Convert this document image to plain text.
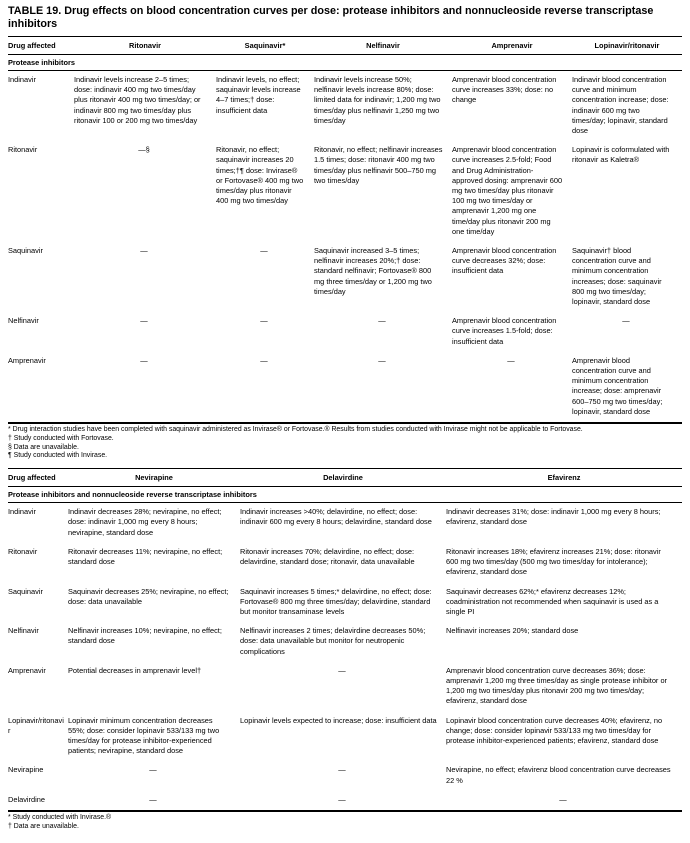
TABLE 19. Drug effects on blood concentration curves per dose: protease inhibitors and nonnucleoside reverse transcriptase inhibitors
Drug affected	Ritonavir	Saquinavir*	Nelfinavir	Amprenavir	Lopinavir/ritonavir
Protease inhibitors					
Indinavir	Indinavir levels increase 2–5 times; dose: indinavir 400 mg two times/day plus ritonavir 400 mg two times/day; or indinavir 800 mg two times/day plus ritonavir 100 or 200 mg two times/day	Indinavir levels, no effect; saquinavir levels increase 4–7 times;† dose: insufficient data	Indinavir levels increase 50%; nelfinavir levels increase 80%; dose: limited data for indinavir; 1,200 mg two times/day plus nelfinavir 1,250 mg two times/day	Amprenavir blood concentration curve increases 33%; dose: no change	Indinavir blood concentration curve and minimum concentration increase; dose: indinavir 600 mg two times/day; lopinavir, standard dose
Ritonavir	—§	Ritonavir, no effect; saquinavir increases 20 times;†¶ dose: Invirase® or Fortovase® 400 mg two times/day plus ritonavir 400 mg two times/day	Ritonavir, no effect; nelfinavir increases 1.5 times; dose: ritonavir 400 mg two times/day plus nelfinavir 500–750 mg two times/day	Amprenavir blood concentration curve increases 2.5-fold; Food and Drug Administration-approved dosing: amprenavir 600 mg two times/day plus ritonavir 100 mg two times/day or amprenavir 1,200 mg one time/day plus ritonavir 200 mg one time/day	Lopinavir is coformulated with ritonavir as Kaletra®
Saquinavir	—	—	Saquinavir increased 3–5 times; nelfinavir increases 20%;† dose: standard nelfinavir; Fortovase® 800 mg three times/day or 1,200 mg two times/day	Amprenavir blood concentration curve decreases 32%; dose: insufficient data	Saquinavir† blood concentration curve and minimum concentration increases; dose: saquinavir 800 mg two times/day; lopinavir, standard dose
Nelfinavir	—	—	—	Amprenavir blood concentration curve increases 1.5-fold; dose: insufficient data	—
Amprenavir	—	—	—	—	Amprenavir blood concentration curve and minimum concentration increase; dose: amprenavir 600–750 mg two times/day; lopinavir, standard dose
* Drug interaction studies have been completed with saquinavir administered as Invirase® or Fortovase.® Results from studies conducted with Invirase might not be applicable to Fortovase.
† Study conducted with Fortovase.
§ Data are unavailable.
¶ Study conducted with Invirase.
Drug affected	Nevirapine	Delavirdine	Efavirenz
Protease inhibitors and nonnucleoside reverse transcriptase inhibitors			
Indinavir	Indinavir decreases 28%; nevirapine, no effect; dose: indinavir 1,000 mg every 8 hours; nevirapine, standard dose	Indinavir increases >40%; delavirdine, no effect; dose: indinavir 600 mg every 8 hours; delavirdine, standard dose	Indinavir decreases 31%; dose: indinavir 1,000 mg every 8 hours; efavirenz, standard dose
Ritonavir	Ritonavir decreases 11%; nevirapine, no effect; standard dose	Ritonavir increases 70%; delavirdine, no effect; dose: delavirdine, standard dose; ritonavir, data unavailable	Ritonavir increases 18%; efavirenz increases 21%; dose: ritonavir 600 mg two times/day (500 mg two times/day for intolerance); efavirenz, standard dose
Saquinavir	Saquinavir decreases 25%; nevirapine, no effect; dose: data unavailable	Saquinavir increases 5 times;* delavirdine, no effect; dose: Fortovase® 800 mg three times/day; delavirdine, standard but monitor transaminase levels	Saquinavir decreases 62%;* efavirenz decreases 12%; coadministration not recommended when saquinavir is used as a single PI
Nelfinavir	Nelfinavir increases 10%; nevirapine, no effect; standard dose	Nelfinavir increases 2 times; delavirdine decreases 50%; dose: data unavailable but monitor for neutropenic complications	Nelfinavir increases 20%; standard dose
Amprenavir	Potential decreases in amprenavir level†	—	Amprenavir blood concentration curve decreases 36%; dose: amprenavir 1,200 mg three times/day as single protease inhibitor or 1,200 mg two times/day plus ritonavir 200 mg two times/day; efavirenz, standard dose
Lopinavir/ritonavir	Lopinavir minimum concentration decreases 55%; dose: consider lopinavir 533/133 mg two times/day for protease inhibitor-experienced patients; nevirapine, standard dose	Lopinavir levels expected to increase; dose: insufficient data	Lopinavir blood concentration curve decreases 40%; efavirenz, no change; dose: consider lopinavir 533/133 mg two times/day for protease inhibitor-experienced patients; efavirenz, standard dose
Nevirapine	—	—	Nevirapine, no effect; efavirenz blood concentration curve decreases 22 %
Delavirdine	—	—	—
* Study conducted with Invirase.®
† Data are unavailable.
